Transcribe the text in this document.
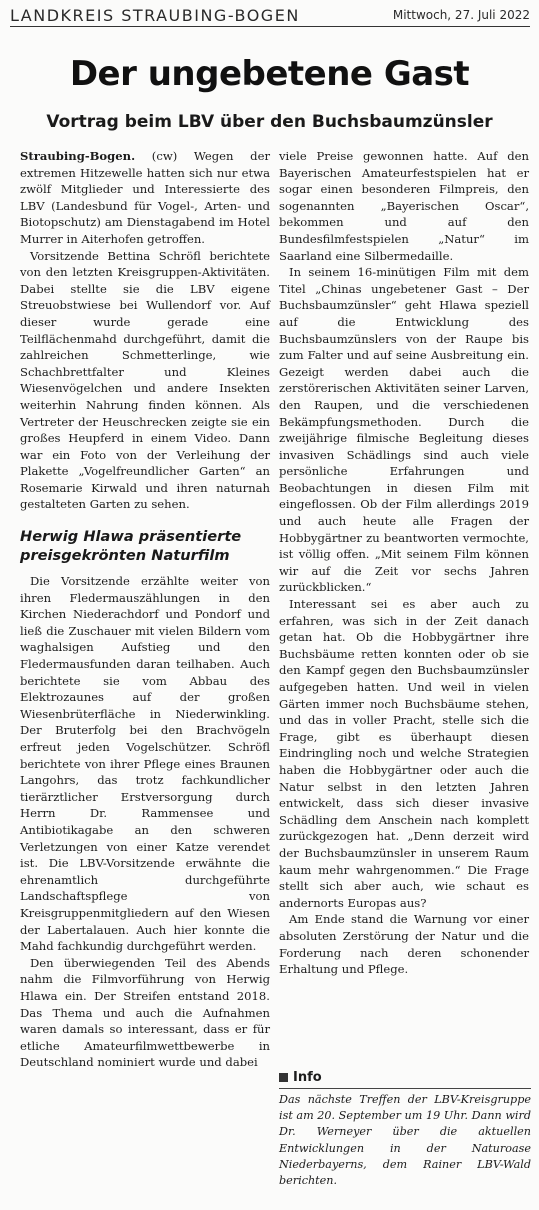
LANDKREIS STRAUBING-BOGEN	Mittwoch, 27. Juli 2022
Der ungebetene Gast
Vortrag beim LBV über den Buchsbaumzünsler

Straubing-Bogen. (cw) Wegen der extremen Hitzewelle hatten sich nur etwa zwölf Mitglieder und Interessierte des LBV (Landesbund für Vogel-, Arten- und Biotopschutz) am Dienstagabend im Hotel Murrer in Aiterhofen getroffen.

Vorsitzende Bettina Schröfl berichtete von den letzten Kreisgruppen-Aktivitäten. Dabei stellte sie die LBV eigene Streuobstwiese bei Wullendorf vor. Auf dieser wurde gerade eine Teilflächenmahd durchgeführt, damit die zahlreichen Schmetterlinge, wie Schachbrettfalter und Kleines Wiesenvögelchen und andere Insekten weiterhin Nahrung finden können. Als Vertreter der Heuschrecken zeigte sie ein großes Heupferd in einem Video. Dann war ein Foto von der Verleihung der Plakette „Vogelfreundlicher Garten“ an Rosemarie Kirwald und ihren naturnah gestalteten Garten zu sehen.

Herwig Hlawa präsentierte preisgekrönten Naturfilm

Die Vorsitzende erzählte weiter von ihren Fledermauszählungen in den Kirchen Niederachdorf und Pondorf und ließ die Zuschauer mit vielen Bildern vom waghalsigen Aufstieg und den Fledermausfunden daran teilhaben. Auch berichtete sie vom Abbau des Elektrozaunes auf der großen Wiesenbrüterfläche in Niederwinkling. Der Bruterfolg bei den Brachvögeln erfreut jeden Vogelschützer. Schröfl berichtete von ihrer Pflege eines Braunen Langohrs, das trotz fachkundlicher tierärztlicher Erstversorgung durch Herrn Dr. Rammensee und Antibiotikagabe an den schweren Verletzungen von einer Katze verendet ist. Die LBV-Vorsitzende erwähnte die ehrenamtlich durchgeführte Landschaftspflege von Kreisgruppenmitgliedern auf den Wiesen der Labertalauen. Auch hier konnte die Mahd fachkundig durchgeführt werden.

Den überwiegenden Teil des Abends nahm die Filmvorführung von Herwig Hlawa ein. Der Streifen entstand 2018. Das Thema und auch die Aufnahmen waren damals so interessant, dass er für etliche Amateurfilmwettbewerbe in Deutschland nominiert wurde und dabei

viele Preise gewonnen hatte. Auf den Bayerischen Amateurfestspielen hat er sogar einen besonderen Filmpreis, den sogenannten „Bayerischen Oscar“, bekommen und auf den Bundesfilmfestspielen „Natur“ im Saarland eine Silbermedaille.

In seinem 16-minütigen Film mit dem Titel „Chinas ungebetener Gast – Der Buchsbaumzünsler“ geht Hlawa speziell auf die Entwicklung des Buchsbaumzünslers von der Raupe bis zum Falter und auf seine Ausbreitung ein. Gezeigt werden dabei auch die zerstörerischen Aktivitäten seiner Larven, den Raupen, und die verschiedenen Bekämpfungsmethoden. Durch die zweijährige filmische Begleitung dieses invasiven Schädlings sind auch viele persönliche Erfahrungen und Beobachtungen in diesen Film mit eingeflossen. Ob der Film allerdings 2019 und auch heute alle Fragen der Hobbygärtner zu beantworten vermochte, ist völlig offen. „Mit seinem Film können wir auf die Zeit vor sechs Jahren zurückblicken.“

Interessant sei es aber auch zu erfahren, was sich in der Zeit danach getan hat. Ob die Hobbygärtner ihre Buchsbäume retten konnten oder ob sie den Kampf gegen den Buchsbaumzünsler aufgegeben hatten. Und weil in vielen Gärten immer noch Buchsbäume stehen, und das in voller Pracht, stelle sich die Frage, gibt es überhaupt diesen Eindringling noch und welche Strategien haben die Hobbygärtner oder auch die Natur selbst in den letzten Jahren entwickelt, dass sich dieser invasive Schädling dem Anschein nach komplett zurückgezogen hat. „Denn derzeit wird der Buchsbaumzünsler in unserem Raum kaum mehr wahrgenommen.“ Die Frage stellt sich aber auch, wie schaut es andernorts Europas aus?

Am Ende stand die Warnung vor einer absoluten Zerstörung der Natur und die Forderung nach deren schonender Erhaltung und Pflege.

Info
Das nächste Treffen der LBV-Kreisgruppe ist am 20. September um 19 Uhr. Dann wird Dr. Werneyer über die aktuellen Entwicklungen in der Naturoase Niederbayerns, dem Rainer LBV-Wald berichten.
